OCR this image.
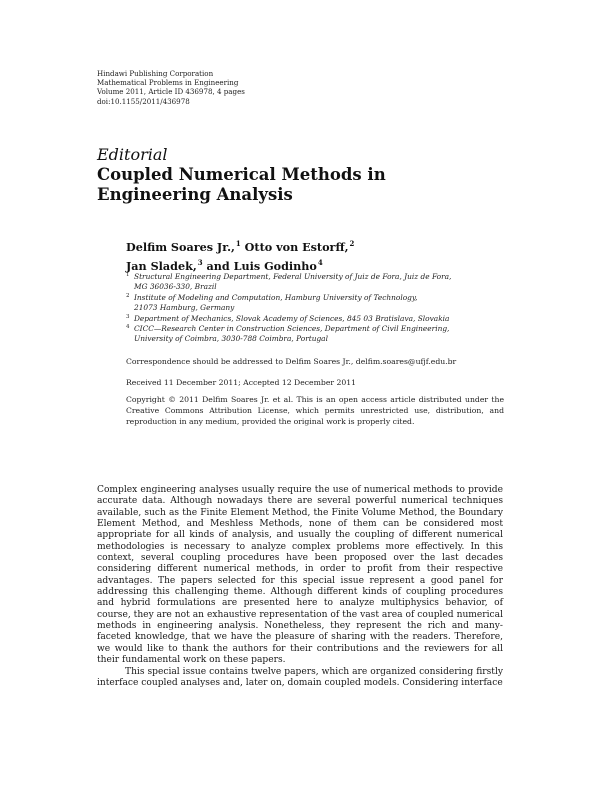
Hindawi Publishing Corporation
Mathematical Problems in Engineering
Volume 2011, Article ID 436978, 4 pages
doi:10.1155/2011/436978
Editorial
Coupled Numerical Methods in
Engineering Analysis
Delfim Soares Jr.,$^1$ Otto von Estorff,$^2$
Jan Sladek,$^3$ and Luis Godinho$^4$
1 Structural Engineering Department, Federal University of Juiz de Fora, Juiz de Fora,
MG 36036-330, Brazil
2 Institute of Modeling and Computation, Hamburg University of Technology,
21073 Hamburg, Germany
3 Department of Mechanics, Slovak Academy of Sciences, 845 03 Bratislava, Slovakia
4 CICC—Research Center in Construction Sciences, Department of Civil Engineering,
University of Coimbra, 3030-788 Coimbra, Portugal
Correspondence should be addressed to Delfim Soares Jr., delfim.soares@ufjf.edu.br
Received 11 December 2011; Accepted 12 December 2011
Copyright © 2011 Delfim Soares Jr. et al. This is an open access article distributed under the Creative Commons Attribution License, which permits unrestricted use, distribution, and reproduction in any medium, provided the original work is properly cited.

Complex engineering analyses usually require the use of numerical methods to provide accurate data. Although nowadays there are several powerful numerical techniques available, such as the Finite Element Method, the Finite Volume Method, the Boundary Element Method, and Meshless Methods, none of them can be considered most appropriate for all kinds of analysis, and usually the coupling of different numerical methodologies is necessary to analyze complex problems more effectively. In this context, several coupling procedures have been proposed over the last decades considering different numerical methods, in order to profit from their respective advantages. The papers selected for this special issue represent a good panel for addressing this challenging theme. Although different kinds of coupling procedures and hybrid formulations are presented here to analyze multiphysics behavior, of course, they are not an exhaustive representation of the vast area of coupled numerical methods in engineering analysis. Nonetheless, they represent the rich and many-faceted knowledge, that we have the pleasure of sharing with the readers. Therefore, we would like to thank the authors for their contributions and the reviewers for all their fundamental work on these papers.

This special issue contains twelve papers, which are organized considering firstly interface coupled analyses and, later on, domain coupled models. Considering interface
